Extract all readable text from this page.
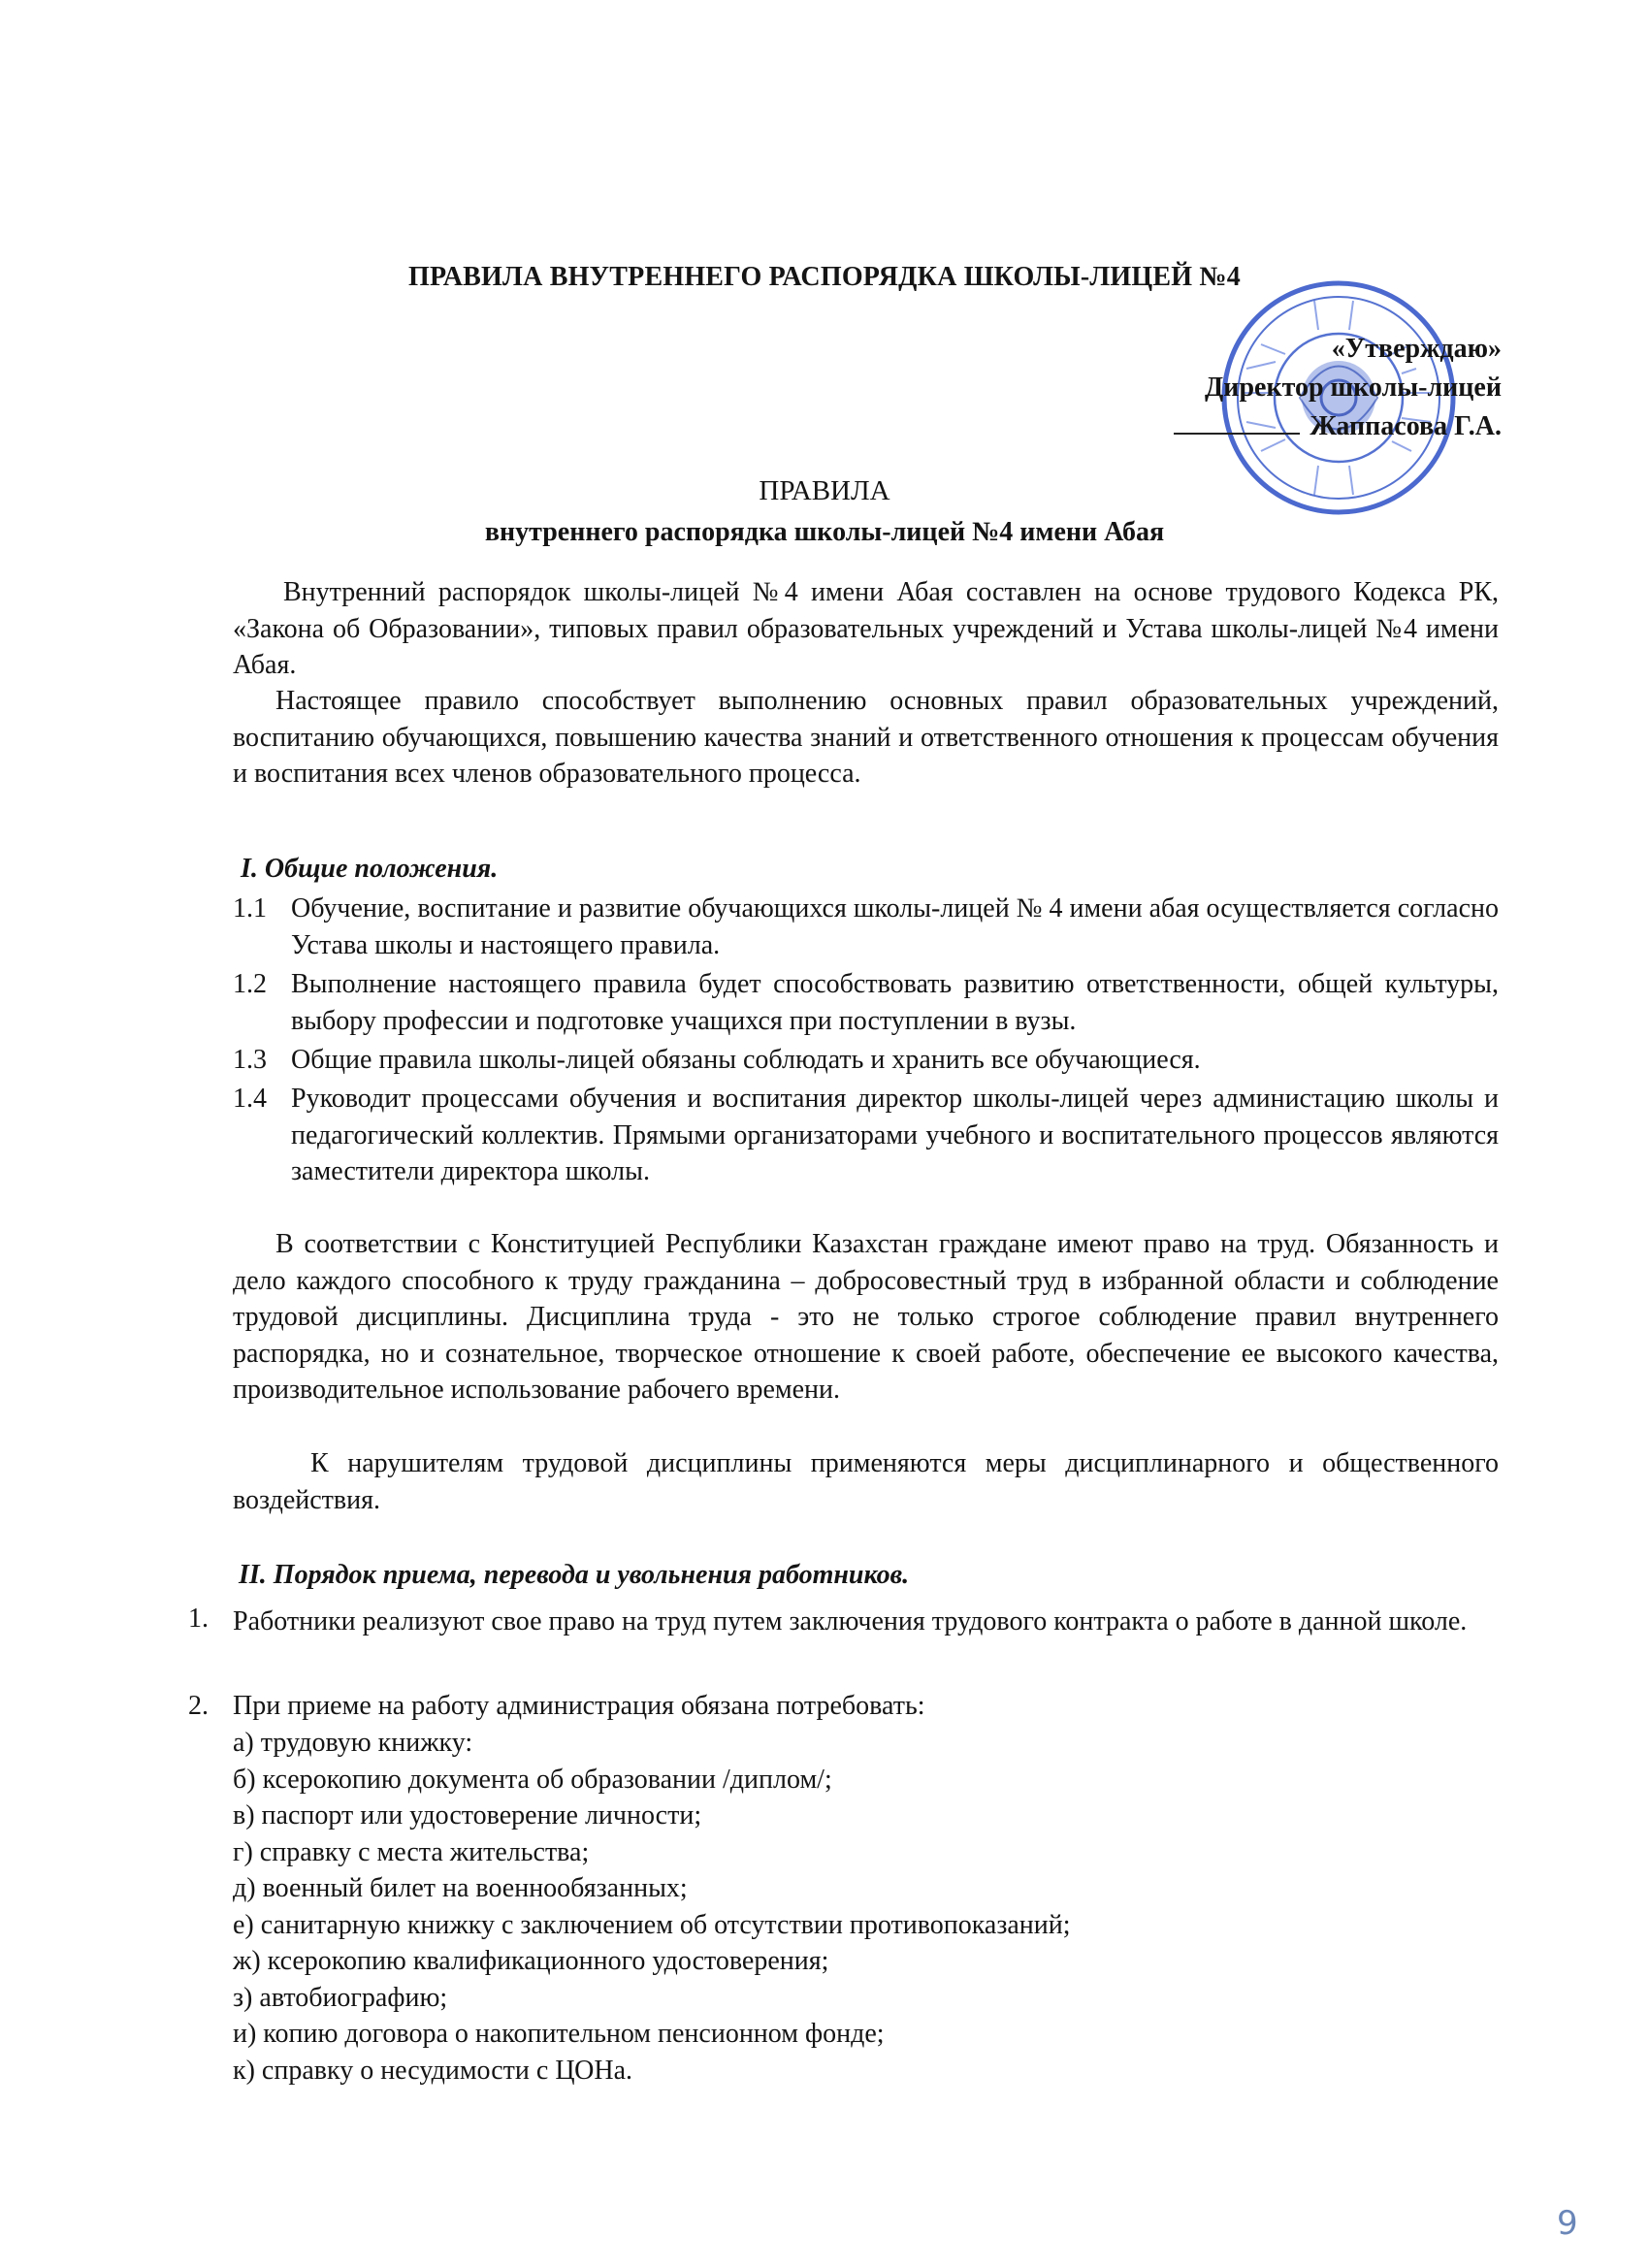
ПРАВИЛА ВНУТРЕННЕГО РАСПОРЯДКА ШКОЛЫ-ЛИЦЕЙ №4
«Утверждаю»
Директор школы-лицей
Жаппасова Г.А.
ПРАВИЛА
внутреннего распорядка школы-лицей №4 имени Абая
Внутренний распорядок школы-лицей №4 имени Абая составлен на основе трудового Кодекса РК, «Закона об Образовании», типовых правил образовательных учреждений и Устава школы-лицей №4 имени Абая.
Настоящее правило способствует выполнению основных правил образовательных учреждений, воспитанию обучающихся, повышению качества знаний и ответственного отношения к процессам обучения и воспитания всех членов образовательного процесса.
I. Общие положения.
1.1 Обучение, воспитание и развитие обучающихся школы-лицей № 4 имени абая осуществляется согласно Устава школы и настоящего правила.
1.2 Выполнение настоящего правила будет способствовать развитию ответственности, общей культуры, выбору профессии и подготовке учащихся при поступлении в вузы.
1.3 Общие правила школы-лицей обязаны соблюдать и хранить все обучающиеся.
1.4 Руководит процессами обучения и воспитания директор школы-лицей через администацию школы и педагогический коллектив. Прямыми организаторами учебного и воспитательного процессов являются заместители директора школы.
В соответствии с Конституцией Республики Казахстан граждане имеют право на труд. Обязанность и дело каждого способного к труду гражданина – добросовестный труд в избранной области и соблюдение трудовой дисциплины. Дисциплина труда - это не только строгое соблюдение правил внутреннего распорядка, но и сознательное, творческое отношение к своей работе, обеспечение ее высокого качества, производительное использование рабочего времени.
К нарушителям трудовой дисциплины применяются меры дисциплинарного и общественного воздействия.
II. Порядок приема, перевода и увольнения работников.
1. Работники реализуют свое право на труд путем заключения трудового контракта о работе в данной школе.
2. При приеме на работу администрация обязана потребовать:
а) трудовую книжку:
б) ксерокопию документа об образовании /диплом/;
в) паспорт или удостоверение личности;
г) справку с места жительства;
д) военный билет на военнообязанных;
е) санитарную книжку с заключением об отсутствии противопоказаний;
ж) ксерокопию квалификационного удостоверения;
з) автобиографию;
и) копию договора о накопительном пенсионном фонде;
к) справку о несудимости с ЦОНа.
9
